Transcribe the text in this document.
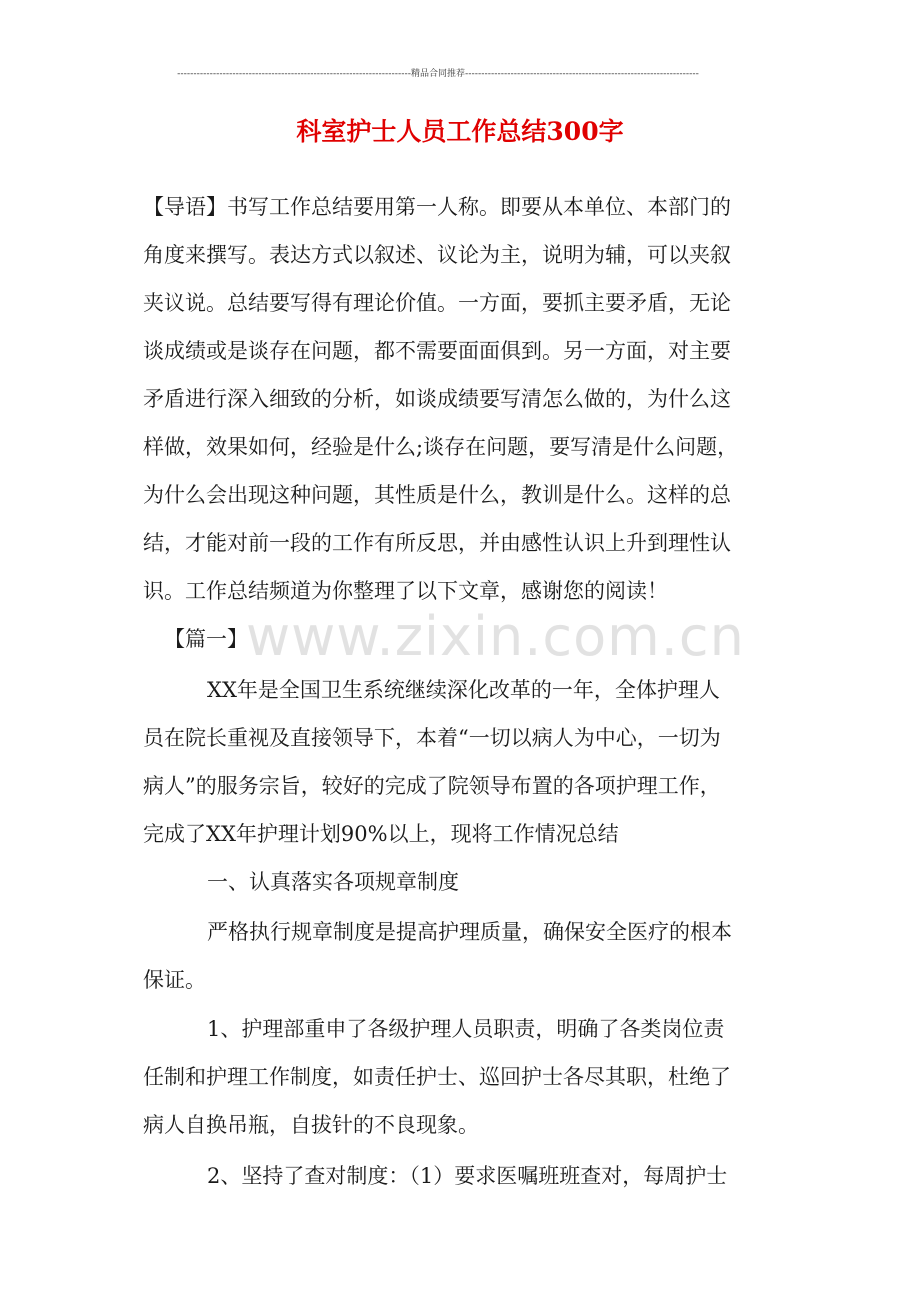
------------------------------------------------------------------------精品合同推荐------------------------------------------------------------------------
科室护士人员工作总结300字
www.zixin.com.cn
【导语】书写工作总结要用第一人称。即要从本单位、本部门的
角度来撰写。表达方式以叙述、议论为主，说明为辅，可以夹叙
夹议说。总结要写得有理论价值。一方面，要抓主要矛盾，无论
谈成绩或是谈存在问题，都不需要面面俱到。另一方面，对主要
矛盾进行深入细致的分析，如谈成绩要写清怎么做的，为什么这
样做，效果如何，经验是什么;谈存在问题，要写清是什么问题，
为什么会出现这种问题，其性质是什么，教训是什么。这样的总
结，才能对前一段的工作有所反思，并由感性认识上升到理性认
识。工作总结频道为你整理了以下文章，感谢您的阅读！
【篇一】
XX年是全国卫生系统继续深化改革的一年，全体护理人
员在院长重视及直接领导下，本着“一切以病人为中心，一切为
病人”的服务宗旨，较好的完成了院领导布置的各项护理工作，
完成了XX年护理计划90%以上，现将工作情况总结
一、认真落实各项规章制度
严格执行规章制度是提高护理质量，确保安全医疗的根本
保证。
1、护理部重申了各级护理人员职责，明确了各类岗位责
任制和护理工作制度，如责任护士、巡回护士各尽其职，杜绝了
病人自换吊瓶，自拔针的不良现象。
2、坚持了查对制度：（1）要求医嘱班班查对，每周护士
